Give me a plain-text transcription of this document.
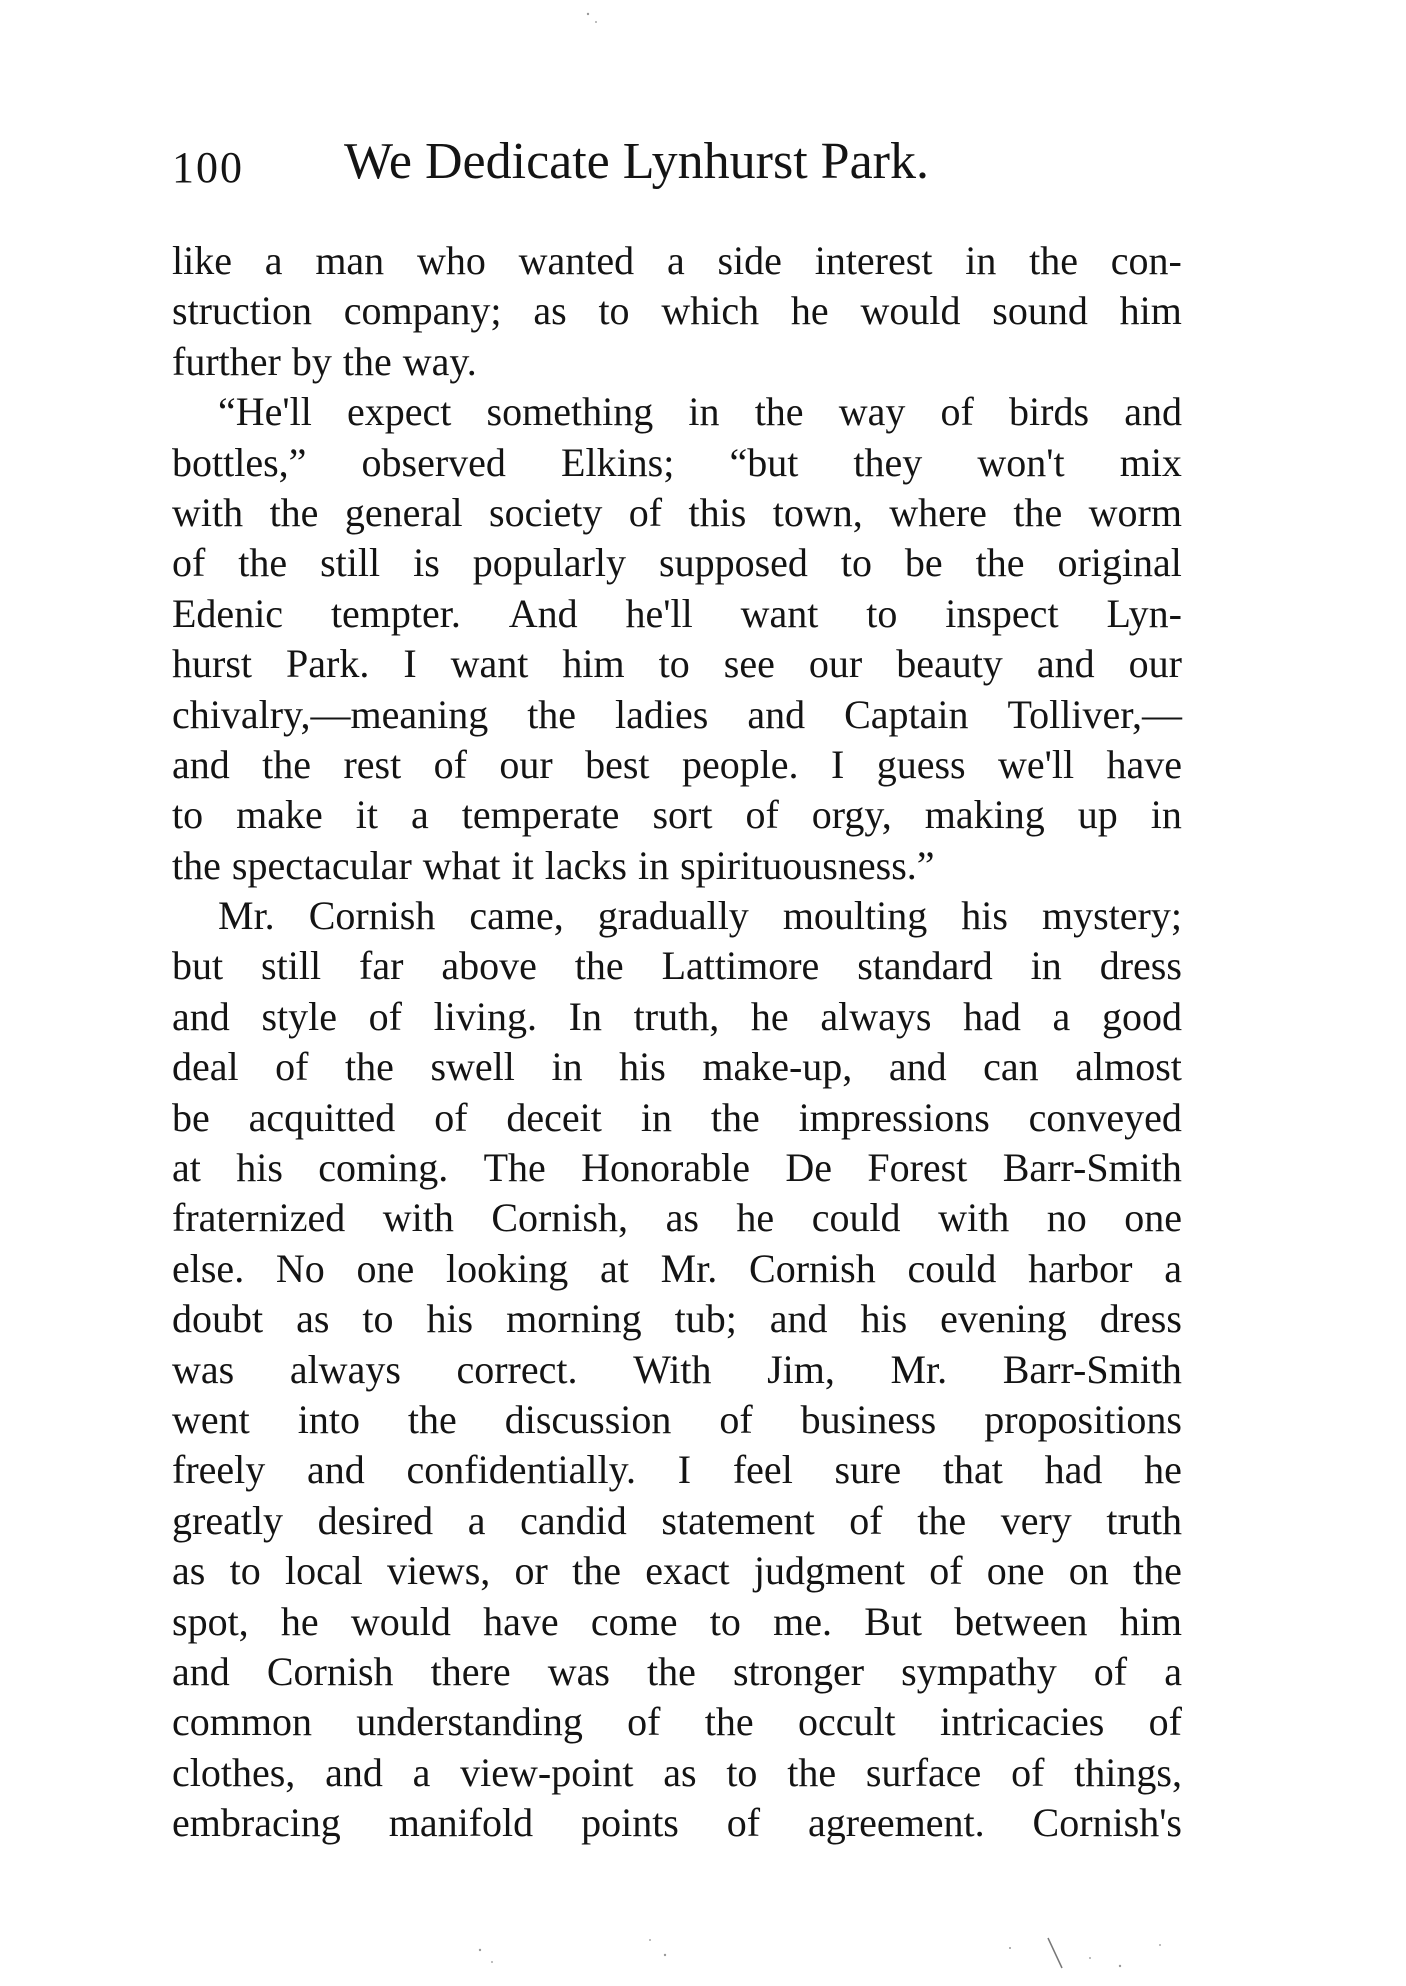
100 We Dedicate Lynhurst Park.
like a man who wanted a side interest in the con-
struction company; as to which he would sound him
further by the way.
“He'll expect something in the way of birds and
bottles,” observed Elkins; “but they won't mix
with the general society of this town, where the worm
of the still is popularly supposed to be the original
Edenic tempter. And he'll want to inspect Lyn-
hurst Park. I want him to see our beauty and our
chivalry,—meaning the ladies and Captain Tolliver,—
and the rest of our best people. I guess we'll have
to make it a temperate sort of orgy, making up in
the spectacular what it lacks in spirituousness.”
Mr. Cornish came, gradually moulting his mystery;
but still far above the Lattimore standard in dress
and style of living. In truth, he always had a good
deal of the swell in his make-up, and can almost
be acquitted of deceit in the impressions conveyed
at his coming. The Honorable De Forest Barr-Smith
fraternized with Cornish, as he could with no one
else. No one looking at Mr. Cornish could harbor a
doubt as to his morning tub; and his evening dress
was always correct. With Jim, Mr. Barr-Smith
went into the discussion of business propositions
freely and confidentially. I feel sure that had he
greatly desired a candid statement of the very truth
as to local views, or the exact judgment of one on the
spot, he would have come to me. But between him
and Cornish there was the stronger sympathy of a
common understanding of the occult intricacies of
clothes, and a view-point as to the surface of things,
embracing manifold points of agreement. Cornish's
